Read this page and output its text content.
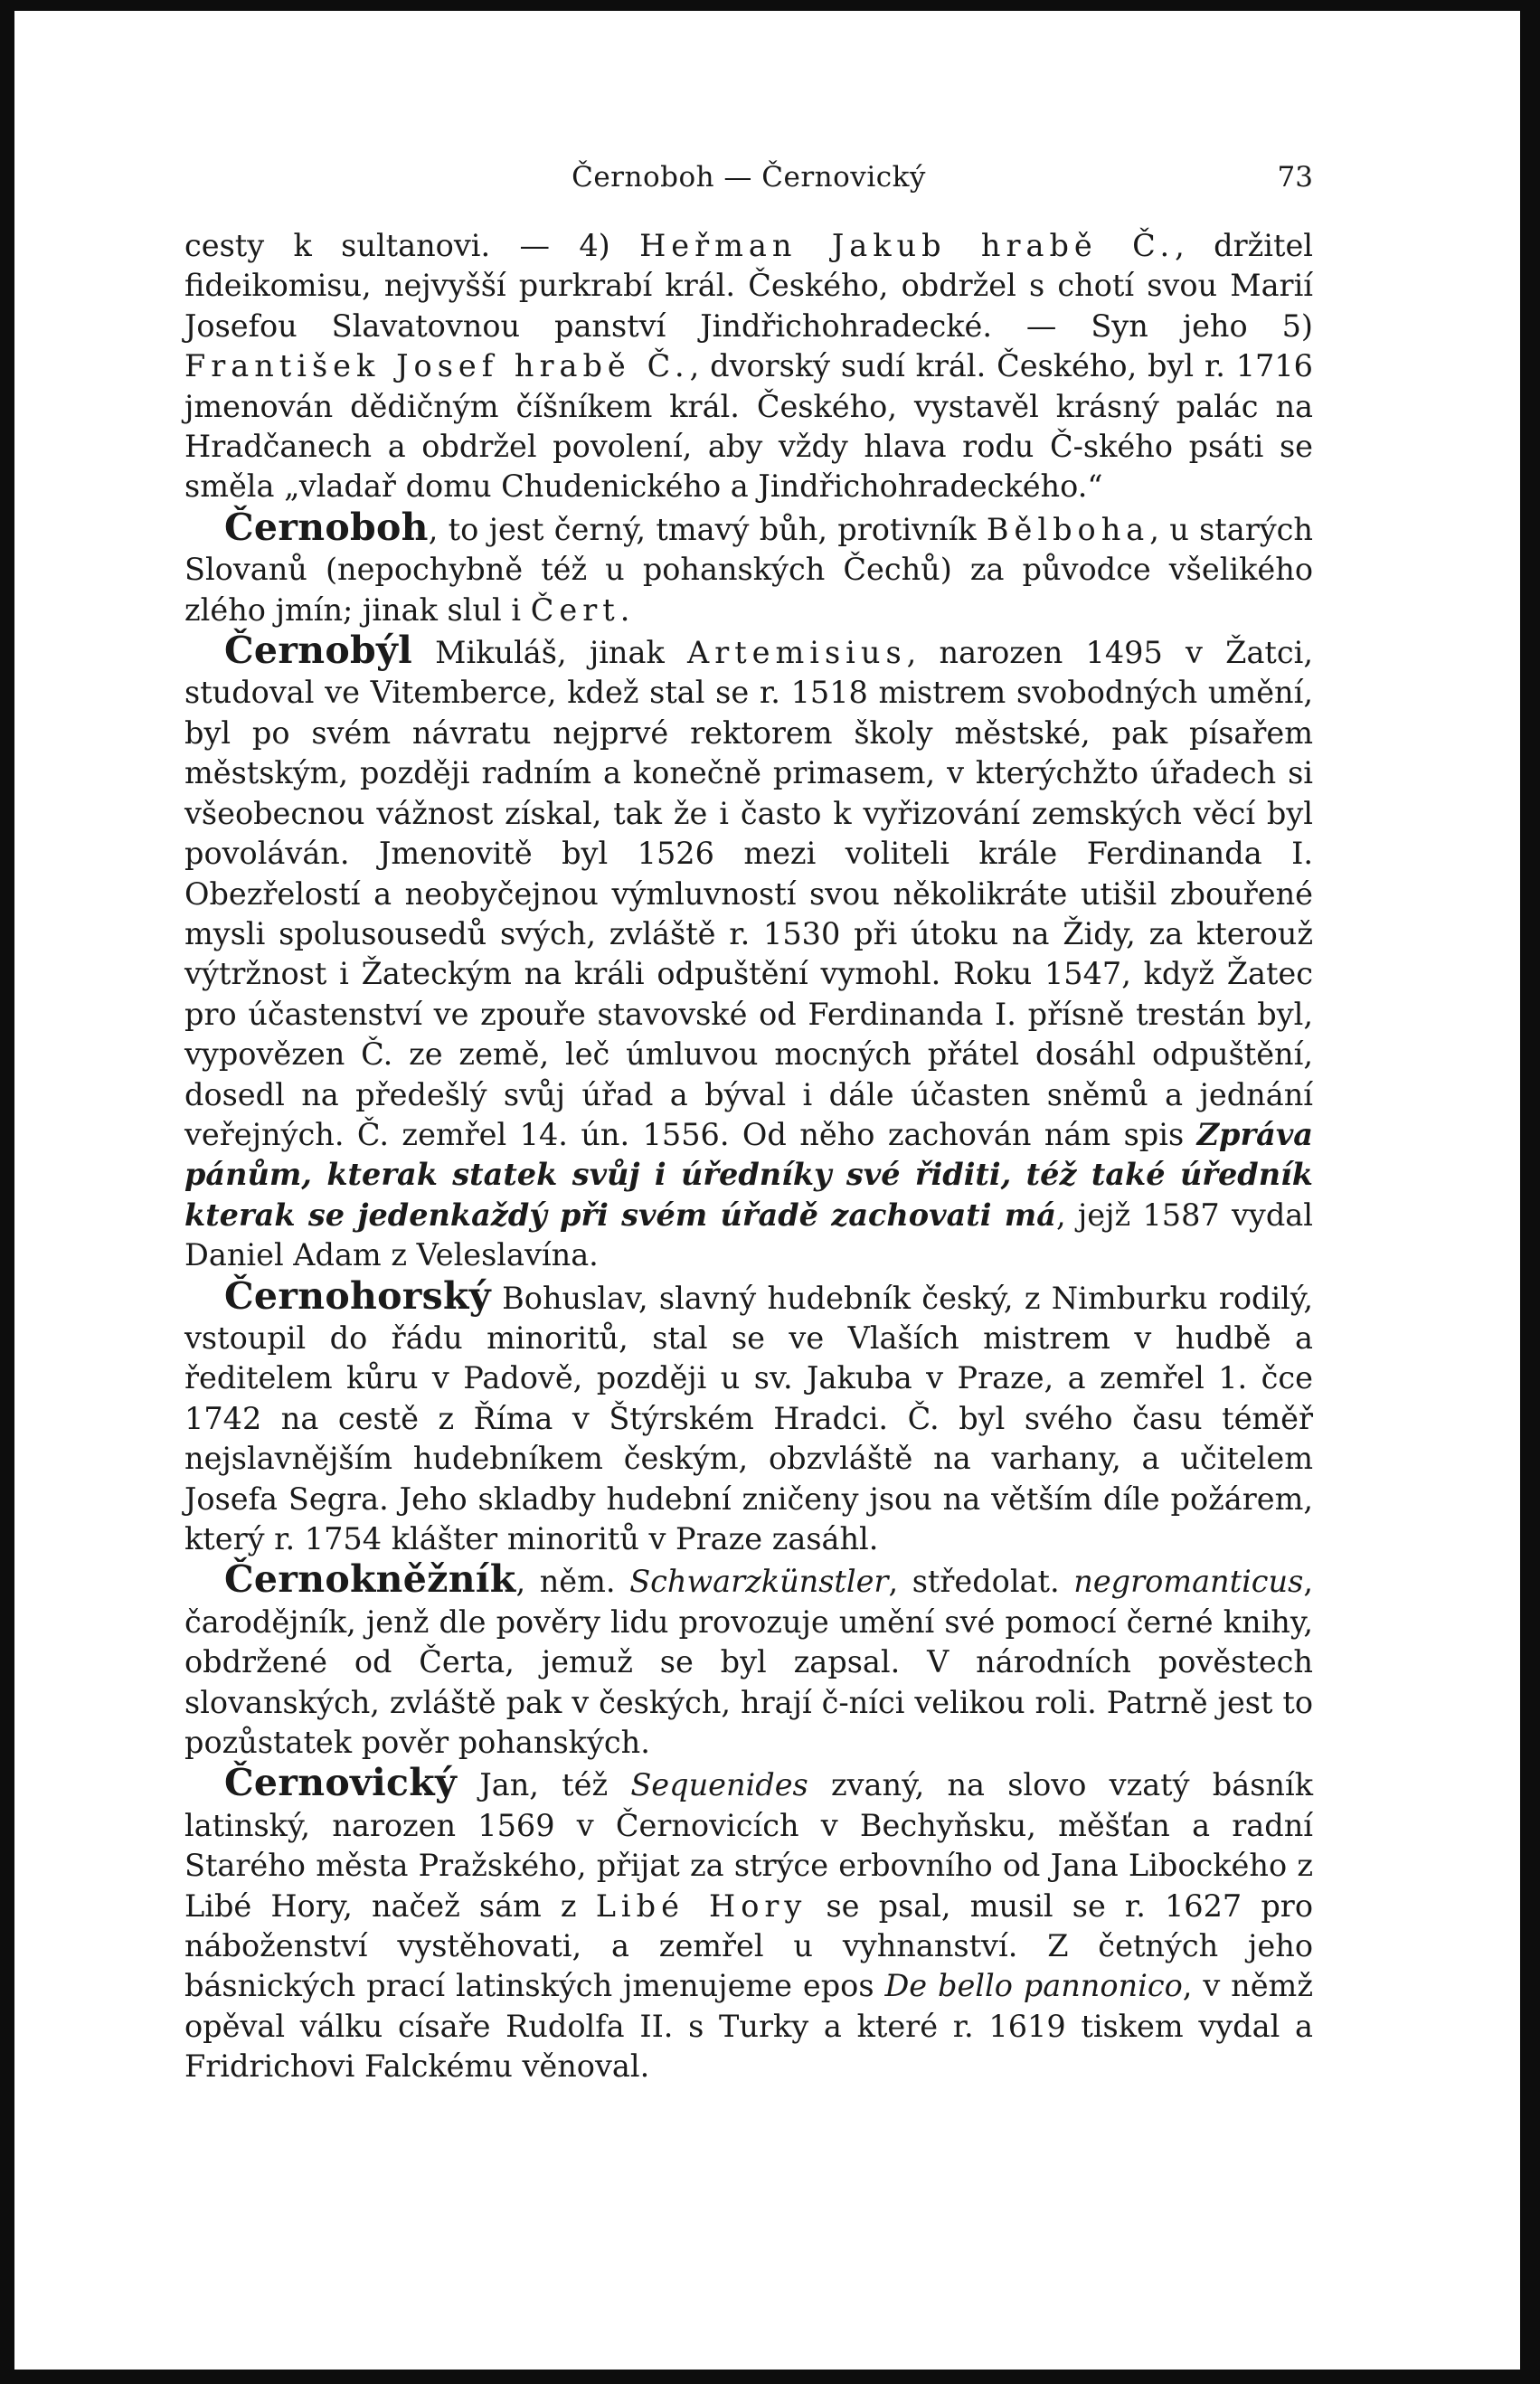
Černoboh — Černovický	73

cesty k sultanovi. — 4) Heřman Jakub hrabě Č., držitel fideikomisu, nejvyšší purkrabí král. Českého, obdržel s chotí svou Marií Josefou Slavatovnou panství Jindřichohradecké. — Syn jeho 5) František Josef hrabě Č., dvorský sudí král. Českého, byl r. 1716 jmenován dědičným číšníkem král. Českého, vystavěl krásný palác na Hradčanech a obdržel povolení, aby vždy hlava rodu Č-ského psáti se směla „vladař domu Chudenického a Jindřichohradeckého.“

Černoboh, to jest černý, tmavý bůh, protivník Bělboha, u starých Slovanů (nepochybně též u pohanských Čechů) za původce všelikého zlého jmín; jinak slul i Čert.

Černobýl Mikuláš, jinak Artemisius, narozen 1495 v Žatci, studoval ve Vitemberce, kdež stal se r. 1518 mistrem svobodných umění, byl po svém návratu nejprvé rektorem školy městské, pak písařem městským, později radním a konečně primasem, v kterýchžto úřadech si všeobecnou vážnost získal, tak že i často k vyřizování zemských věcí byl povoláván. Jmenovitě byl 1526 mezi voliteli krále Ferdinanda I. Obezřelostí a neobyčejnou výmluvností svou několikráte utišil zbouřené mysli spolusousedů svých, zvláště r. 1530 při útoku na Židy, za kterouž výtržnost i Žateckým na králi odpuštění vymohl. Roku 1547, když Žatec pro účastenství ve zpouře stavovské od Ferdinanda I. přísně trestán byl, vypovězen Č. ze země, leč úmluvou mocných přátel dosáhl odpuštění, dosedl na předešlý svůj úřad a býval i dále účasten sněmů a jednání veřejných. Č. zemřel 14. ún. 1556. Od něho zachován nám spis Zpráva pánům, kterak statek svůj i úředníky své řiditi, též také úředník kterak se jedenkaždý při svém úřadě zachovati má, jejž 1587 vydal Daniel Adam z Veleslavína.

Černohorský Bohuslav, slavný hudebník český, z Nimburku rodilý, vstoupil do řádu minoritů, stal se ve Vlaších mistrem v hudbě a ředitelem kůru v Padově, později u sv. Jakuba v Praze, a zemřel 1. čce 1742 na cestě z Říma v Štýrském Hradci. Č. byl svého času téměř nejslavnějším hudebníkem českým, obzvláště na varhany, a učitelem Josefa Segra. Jeho skladby hudební zničeny jsou na větším díle požárem, který r. 1754 klášter minoritů v Praze zasáhl.

Černokněžník, něm. Schwarzkünstler, středolat. negromanticus, čarodějník, jenž dle pověry lidu provozuje umění své pomocí černé knihy, obdržené od Čerta, jemuž se byl zapsal. V národních pověstech slovanských, zvláště pak v českých, hrají č-níci velikou roli. Patrně jest to pozůstatek pověr pohanských.

Černovický Jan, též Sequenides zvaný, na slovo vzatý básník latinský, narozen 1569 v Černovicích v Bechyňsku, měšťan a radní Starého města Pražského, přijat za strýce erbovního od Jana Libockého z Libé Hory, načež sám z Libé Hory se psal, musil se r. 1627 pro náboženství vystěhovati, a zemřel u vyhnanství. Z četných jeho básnických prací latinských jmenujeme epos De bello pannonico, v němž opěval válku císaře Rudolfa II. s Turky a které r. 1619 tiskem vydal a Fridrichovi Falckému věnoval.
